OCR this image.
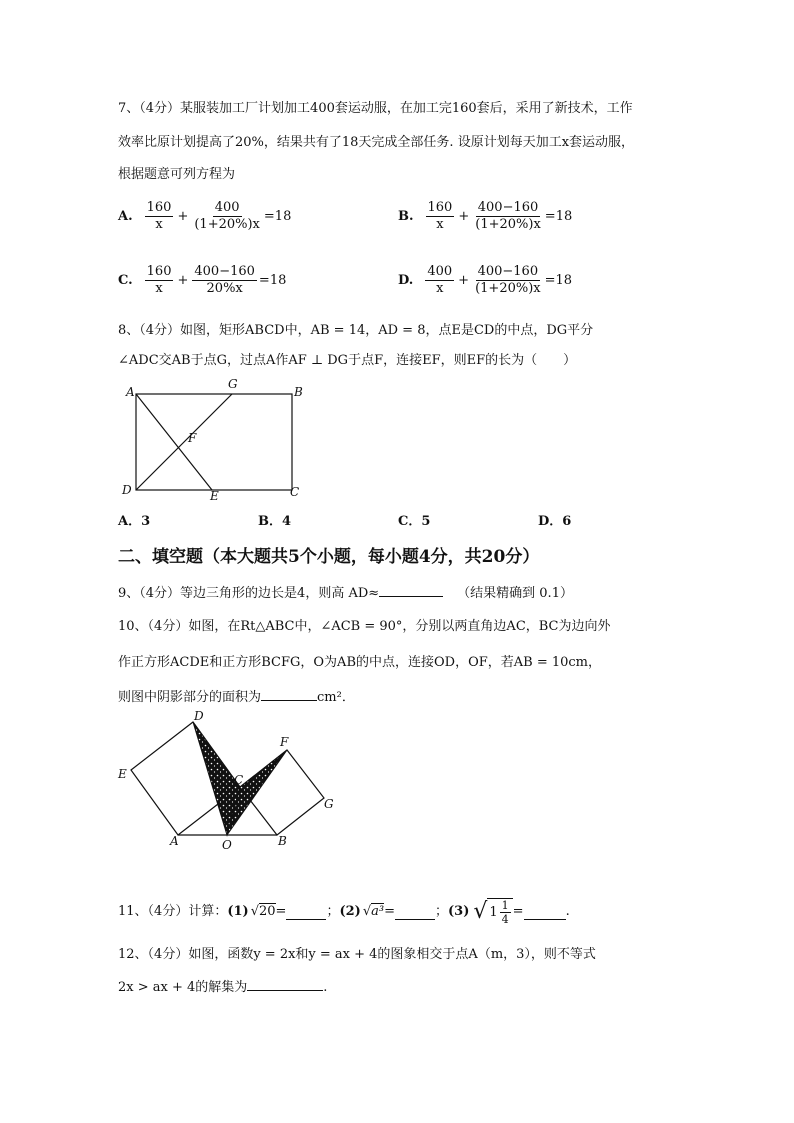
7、（4分）某服装加工厂计划加工400套运动服，在加工完160套后，采用了新技术，工作
效率比原计划提高了20%，结果共有了18天完成全部任务. 设原计划每天加工x套运动服，
根据题意可列方程为
A. $\frac{160}{x} + \frac{400}{(1+20\%)x} =18$	B. $\frac{160}{x} + \frac{400-160}{(1+20\%)x} =18$
C. $\frac{160}{x} + \frac{400-160}{20\%x} =18$	D. $\frac{400}{x} + \frac{400-160}{(1+20\%)x} =18$
8、（4分）如图，矩形ABCD中，AB = 14，AD = 8，点E是CD的中点，DG平分
∠ADC交AB于点G，过点A作AF ⊥ DG于点F，连接EF，则EF的长为（　　）
A
G
B
F
D	E	C
A．3	B．4	C．5	D．6
二、填空题（本大题共5个小题，每小题4分，共20分）
9、（4分）等边三角形的边长是4，则高 AD≈	（结果精确到 0.1）
10、（4分）如图，在Rt△ABC中，∠ACB = 90°，分别以两直角边AC，BC为边向外
作正方形ACDE和正方形BCFG，O为AB的中点，连接OD，OF，若AB = 10cm，
则图中阴影部分的面积为	cm²．
D
F
E	C
G
A	O	B
11、（4分）计算： (1) √20 =	； (2) √a³ =	； (3) √ $1 \frac{1}{4}$ =	.
12、（4分）如图，函数y = 2x和y = ax + 4的图象相交于点A（m，3），则不等式
2x > ax + 4的解集为	.
